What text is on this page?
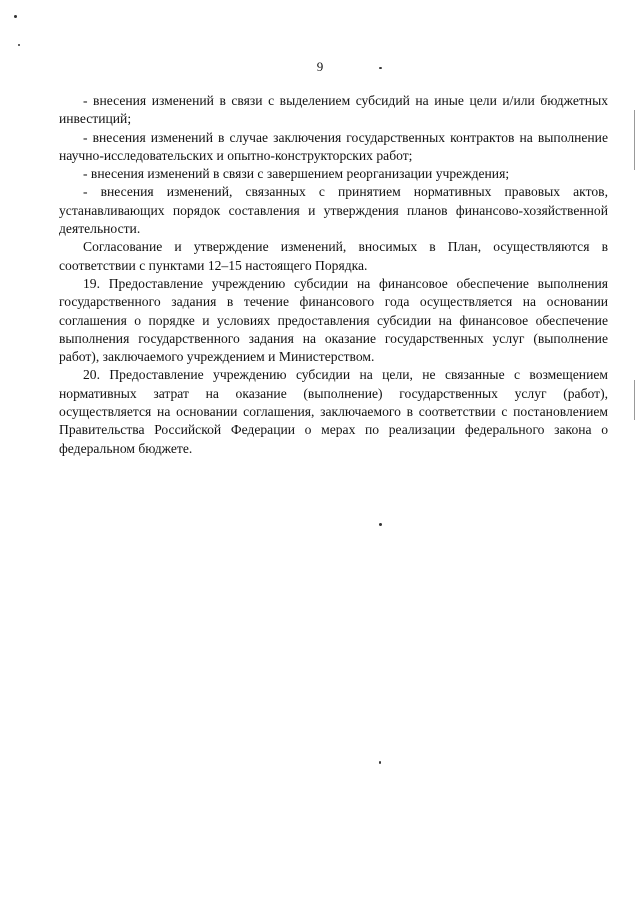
9

- внесения изменений в связи с выделением субсидий на иные цели и/или бюджетных инвестиций;

- внесения изменений в случае заключения государственных контрактов на выполнение научно-исследовательских и опытно-конструкторских работ;

- внесения изменений в связи с завершением реорганизации учреждения;

- внесения изменений, связанных с принятием нормативных правовых актов, устанавливающих порядок составления и утверждения планов финансово-хозяйственной деятельности.

Согласование и утверждение изменений, вносимых в План, осуществляются в соответствии с пунктами 12–15 настоящего Порядка.

19. Предоставление учреждению субсидии на финансовое обеспечение выполнения государственного задания в течение финансового года осуществляется на основании соглашения о порядке и условиях предоставления субсидии на финансовое обеспечение выполнения государственного задания на оказание государственных услуг (выполнение работ), заключаемого учреждением и Министерством.

20. Предоставление учреждению субсидии на цели, не связанные с возмещением нормативных затрат на оказание (выполнение) государственных услуг (работ), осуществляется на основании соглашения, заключаемого в соответствии с постановлением Правительства Российской Федерации о мерах по реализации федерального закона о федеральном бюджете.
